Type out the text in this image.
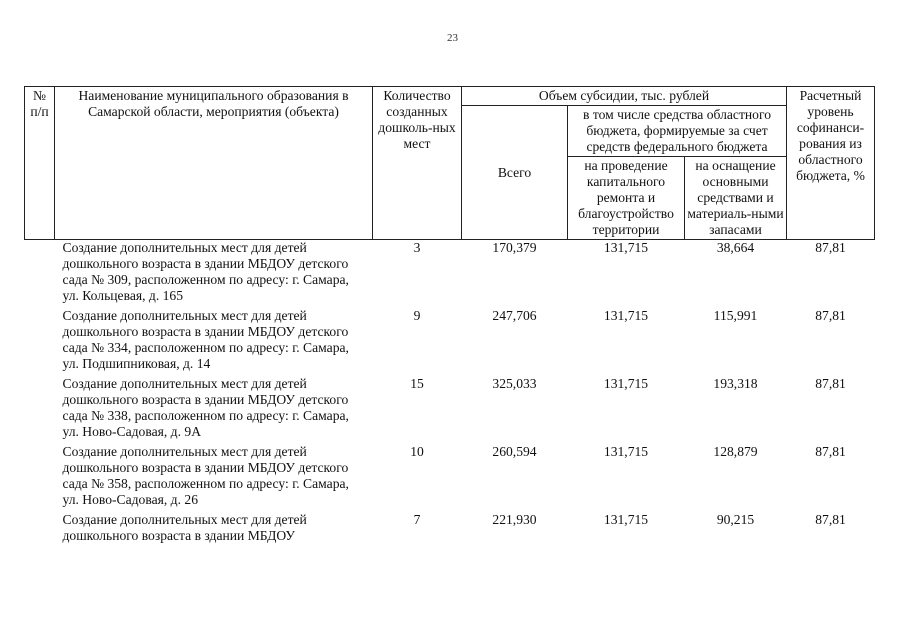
23
№ п/п	Наименование муниципального образования в Самарской области, мероприятия (объекта)	Количество созданных дошколь-ных мест	Объем субсидии, тыс. рублей			Расчетный уровень софинанси-рования из областного бюджета, %
			Всего	в том числе средства областного бюджета, формируемые за счет средств федерального бюджета		
				на проведение капитального ремонта и благоустройство территории	на оснащение основными средствами и материаль-ными запасами	
Создание дополнительных мест для детей дошкольного возраста в здании МБДОУ детского сада № 309, расположенном по адресу: г. Самара, ул. Кольцевая, д. 165		3	170,379	131,715	38,664	87,81
Создание дополнительных мест для детей дошкольного возраста в здании МБДОУ детского сада № 334, расположенном по адресу: г. Самара, ул. Подшипниковая, д. 14		9	247,706	131,715	115,991	87,81
Создание дополнительных мест для детей дошкольного возраста в здании МБДОУ детского сада № 338, расположенном по адресу: г. Самара, ул. Ново-Садовая, д. 9А		15	325,033	131,715	193,318	87,81
Создание дополнительных мест для детей дошкольного возраста в здании МБДОУ детского сада № 358, расположенном по адресу: г. Самара, ул. Ново-Садовая, д. 26		10	260,594	131,715	128,879	87,81
Создание дополнительных мест для детей дошкольного возраста в здании МБДОУ		7	221,930	131,715	90,215	87,81
